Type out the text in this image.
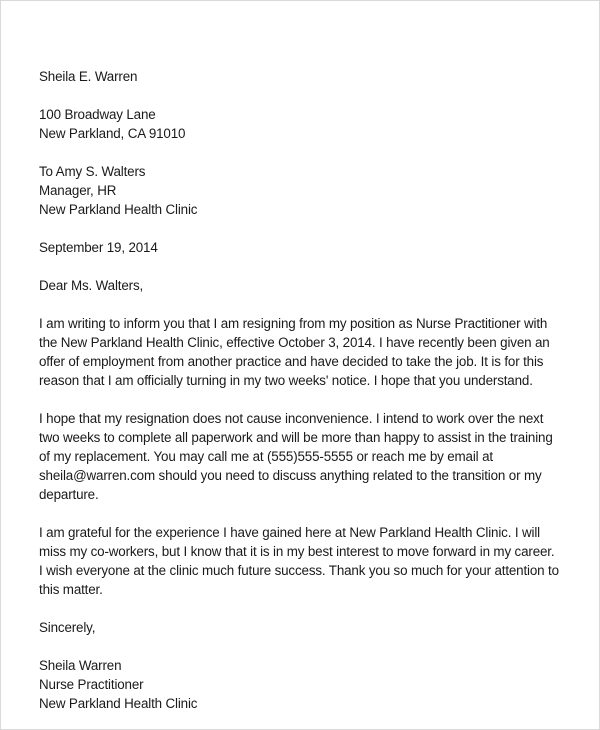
Sheila E. Warren

100 Broadway Lane
New Parkland, CA 91010

To Amy S. Walters
Manager, HR
New Parkland Health Clinic

September 19, 2014

Dear Ms. Walters,

I am writing to inform you that I am resigning from my position as Nurse Practitioner with
the New Parkland Health Clinic, effective October 3, 2014. I have recently been given an
offer of employment from another practice and have decided to take the job. It is for this
reason that I am officially turning in my two weeks' notice. I hope that you understand.

I hope that my resignation does not cause inconvenience. I intend to work over the next
two weeks to complete all paperwork and will be more than happy to assist in the training
of my replacement. You may call me at (555)555-5555 or reach me by email at
sheila@warren.com should you need to discuss anything related to the transition or my
departure.

I am grateful for the experience I have gained here at New Parkland Health Clinic. I will
miss my co-workers, but I know that it is in my best interest to move forward in my career.
I wish everyone at the clinic much future success. Thank you so much for your attention to
this matter.

Sincerely,

Sheila Warren
Nurse Practitioner
New Parkland Health Clinic
